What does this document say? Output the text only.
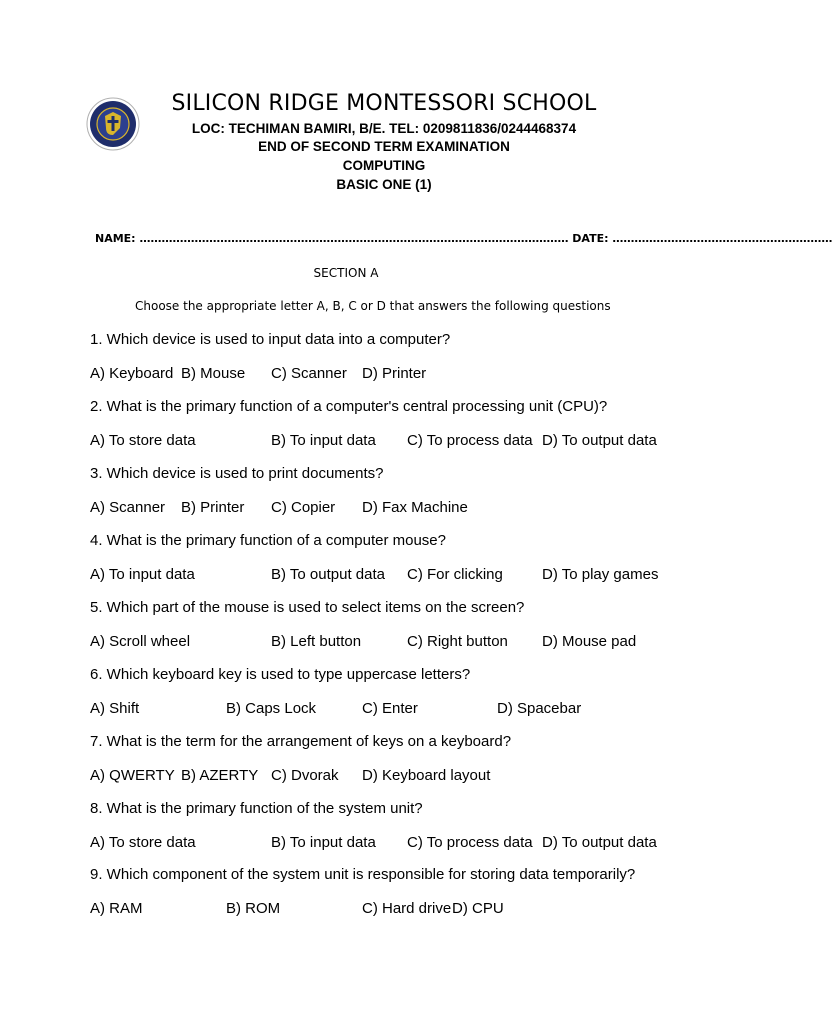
SILICON RIDGE MONTESSORI SCHOOL
LOC: TECHIMAN BAMIRI, B/E. TEL: 0209811836/0244468374
END OF SECOND TERM EXAMINATION
COMPUTING
BASIC ONE (1)
NAME: ……………………………………………………………………………………………………… DATE: ……………………………………………………
SECTION A
Choose the appropriate letter A, B, C or D that answers the following questions
1. Which device is used to input data into a computer?
A) Keyboard B) Mouse C) Scanner D) Printer
2. What is the primary function of a computer's central processing unit (CPU)?
A) To store data	B) To input data C) To process data D) To output data
3. Which device is used to print documents?
A) Scanner B) Printer C) Copier D) Fax Machine
4. What is the primary function of a computer mouse?
A) To input data	B) To output data C) For clicking	D) To play games
5. Which part of the mouse is used to select items on the screen?
A) Scroll wheel	B) Left button	C) Right button D) Mouse pad
6. Which keyboard key is used to type uppercase letters?
A) Shift	B) Caps Lock	C) Enter	D) Spacebar
7. What is the term for the arrangement of keys on a keyboard?
A) QWERTY B) AZERTY C) Dvorak D) Keyboard layout
8. What is the primary function of the system unit?
A) To store data	B) To input data C) To process data D) To output data
9. Which component of the system unit is responsible for storing data temporarily?
A) RAM	B) ROM	C) Hard drive D) CPU
